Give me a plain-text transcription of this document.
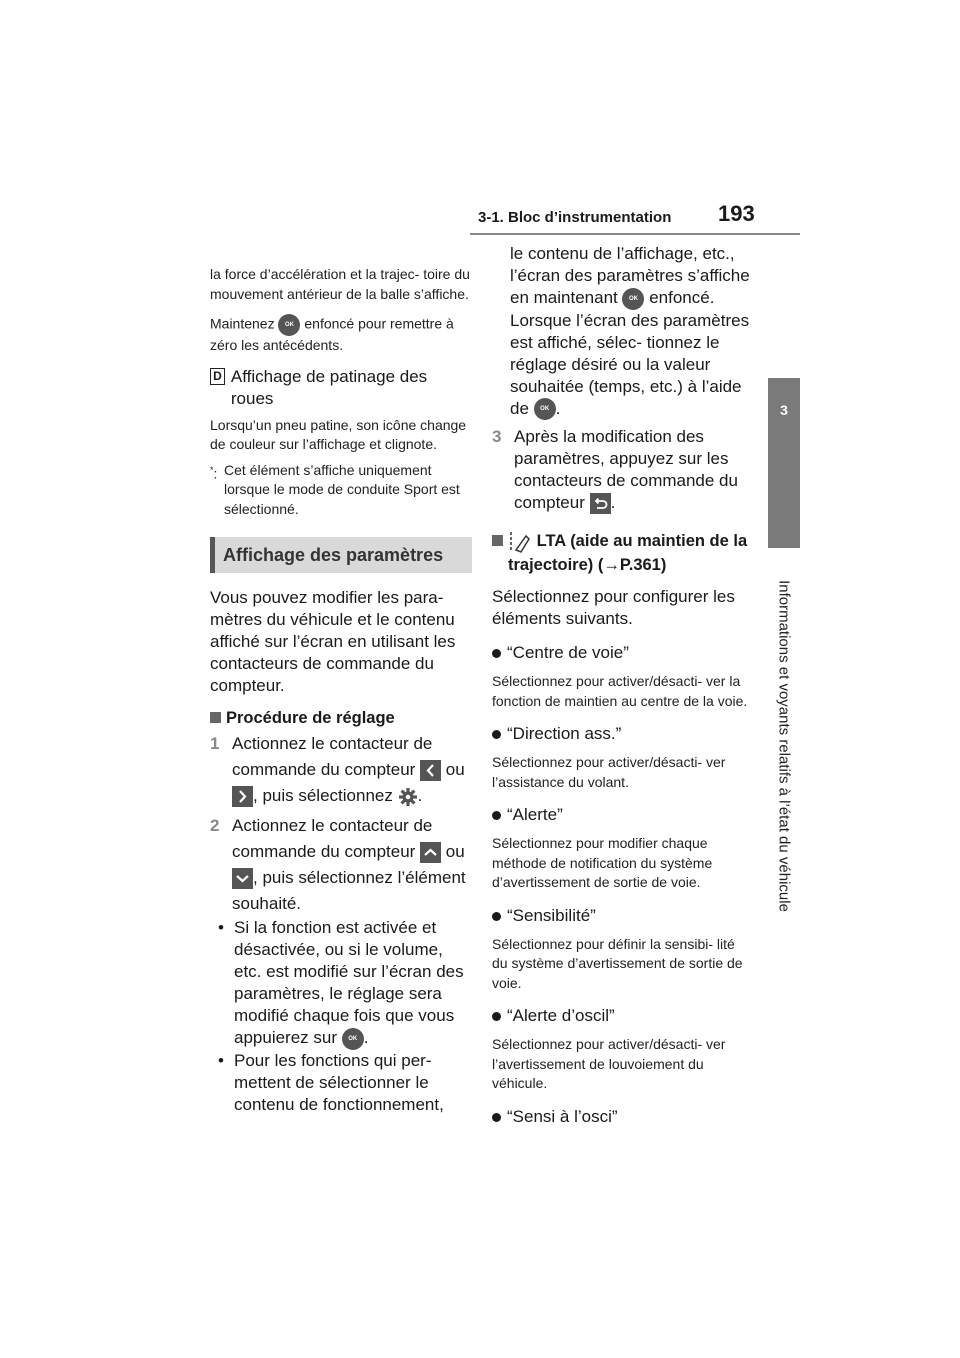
3-1. Bloc d’instrumentation 193
3
Informations et voyants relatifs à l’état du véhicule

la force d’accélération et la trajec- toire du mouvement antérieur de la balle s’affiche.

Maintenez OK enfoncé pour remettre à zéro les antécédents.

D Affichage de patinage des roues

Lorsqu’un pneu patine, son icône change de couleur sur l’affichage et clignote.

*: Cet élément s’affiche uniquement lorsque le mode de conduite Sport est sélectionné.
Affichage des paramètres

Vous pouvez modifier les para- mètres du véhicule et le contenu affiché sur l’écran en utilisant les contacteurs de commande du compteur.

Procédure de réglage
1 Actionnez le contacteur de commande du compteur ou
, puis sélectionnez .
2 Actionnez le contacteur de commande du compteur ou
, puis sélectionnez l’élément souhaité.
• Si la fonction est activée et désactivée, ou si le volume, etc. est modifié sur l’écran des paramètres, le réglage sera modifié chaque fois que vous appuierez sur OK .
• Pour les fonctions qui per- mettent de sélectionner le contenu de fonctionnement,
le contenu de l’affichage, etc., l’écran des paramètres s’affiche en maintenant OK enfoncé. Lorsque l’écran des paramètres est affiché, sélec- tionnez le réglage désiré ou la valeur souhaitée (temps, etc.) à l’aide de OK .
3 Après la modification des paramètres, appuyez sur les contacteurs de commande du compteur .
LTA (aide au maintien de la trajectoire) (→P.361)

Sélectionnez pour configurer les éléments suivants.

“Centre de voie”

Sélectionnez pour activer/désacti- ver la fonction de maintien au centre de la voie.

“Direction ass.”

Sélectionnez pour activer/désacti- ver l’assistance du volant.

“Alerte”

Sélectionnez pour modifier chaque méthode de notification du système d’avertissement de sortie de voie.

“Sensibilité”

Sélectionnez pour définir la sensibi- lité du système d’avertissement de sortie de voie.

“Alerte d’oscil”

Sélectionnez pour activer/désacti- ver l’avertissement de louvoiement du véhicule.

“Sensi à l’osci”
